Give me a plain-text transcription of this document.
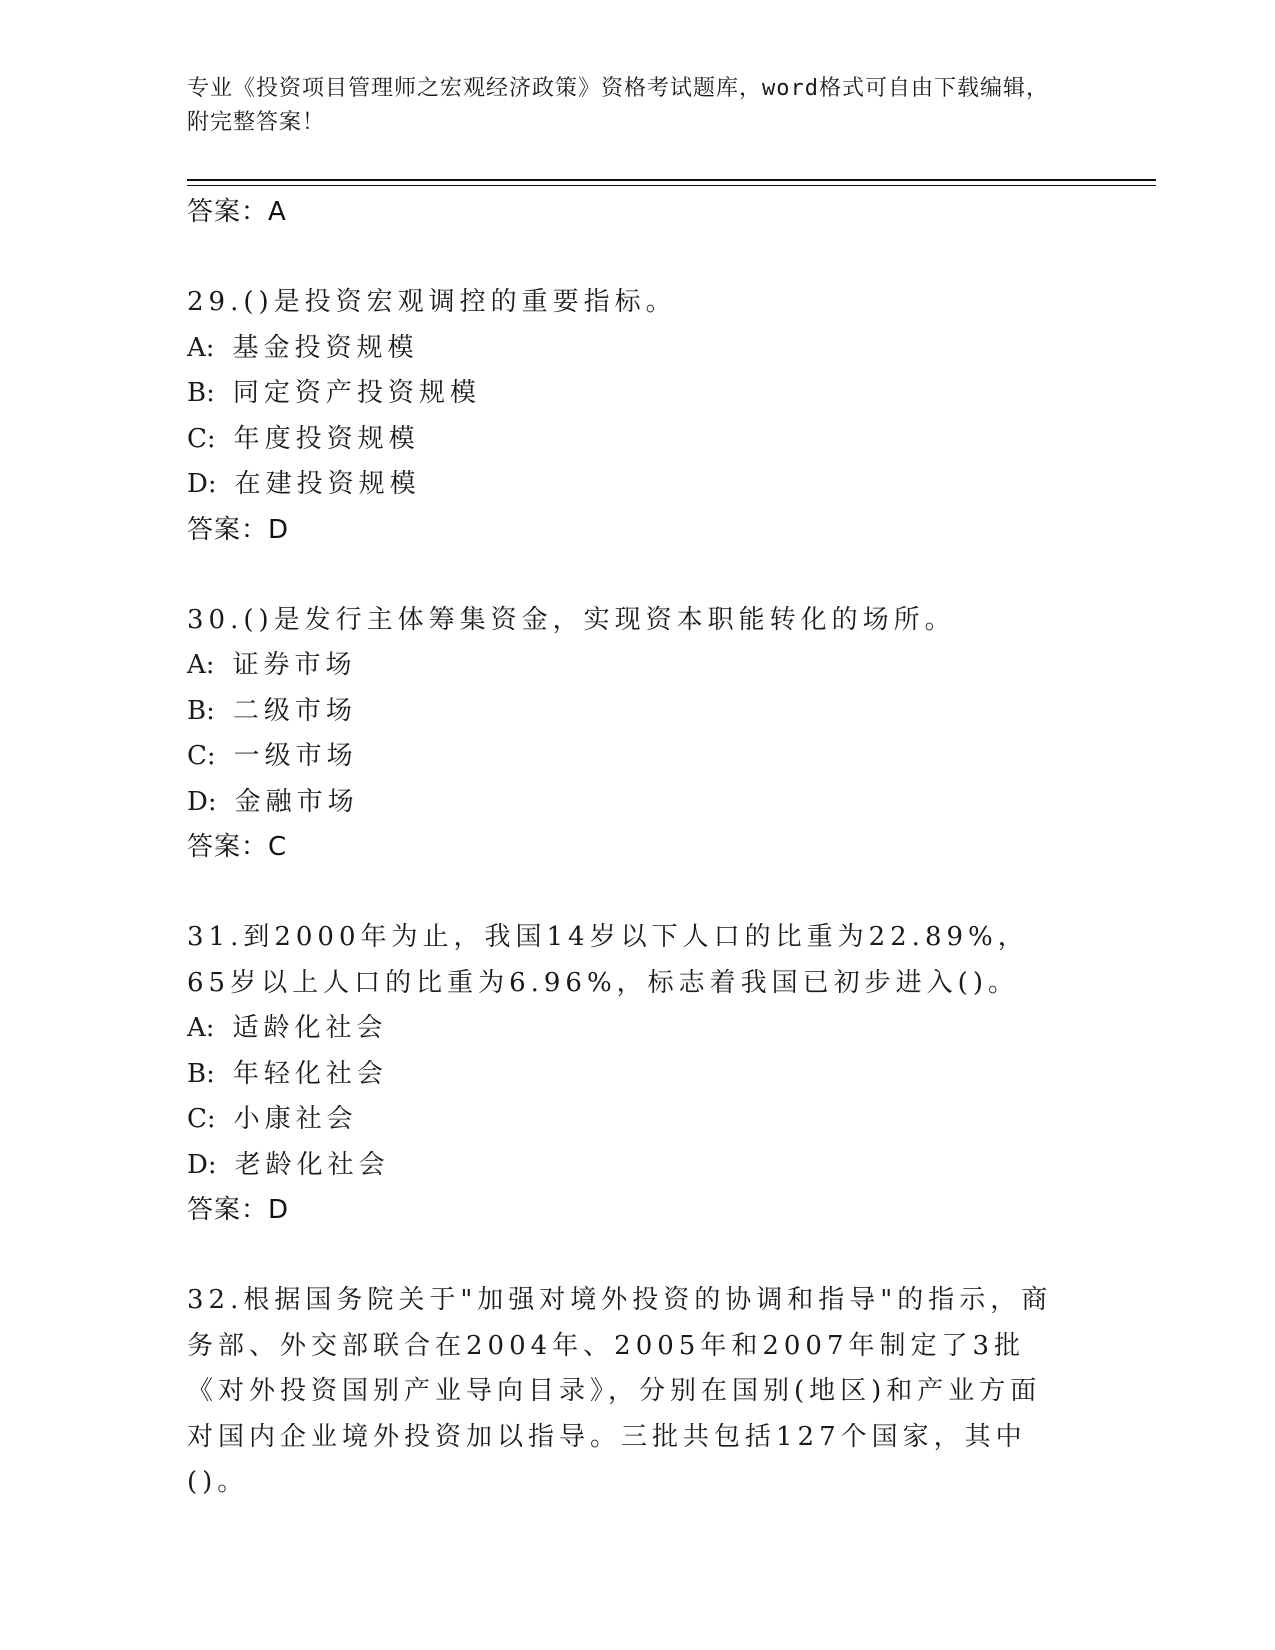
专业《投资项目管理师之宏观经济政策》资格考试题库，word格式可自由下载编辑，附完整答案！
答案：A
29.()是投资宏观调控的重要指标。
A: 基金投资规模
B: 同定资产投资规模
C: 年度投资规模
D: 在建投资规模
答案：D
30.()是发行主体筹集资金，实现资本职能转化的场所。
A: 证券市场
B: 二级市场
C: 一级市场
D: 金融市场
答案：C
31.到2000年为止，我国14岁以下人口的比重为22.89%，65岁以上人口的比重为6.96%，标志着我国已初步进入()。
A: 适龄化社会
B: 年轻化社会
C: 小康社会
D: 老龄化社会
答案：D
32.根据国务院关于"加强对境外投资的协调和指导"的指示，商务部、外交部联合在2004年、2005年和2007年制定了3批《对外投资国别产业导向目录》，分别在国别(地区)和产业方面对国内企业境外投资加以指导。三批共包括127个国家，其中()。
